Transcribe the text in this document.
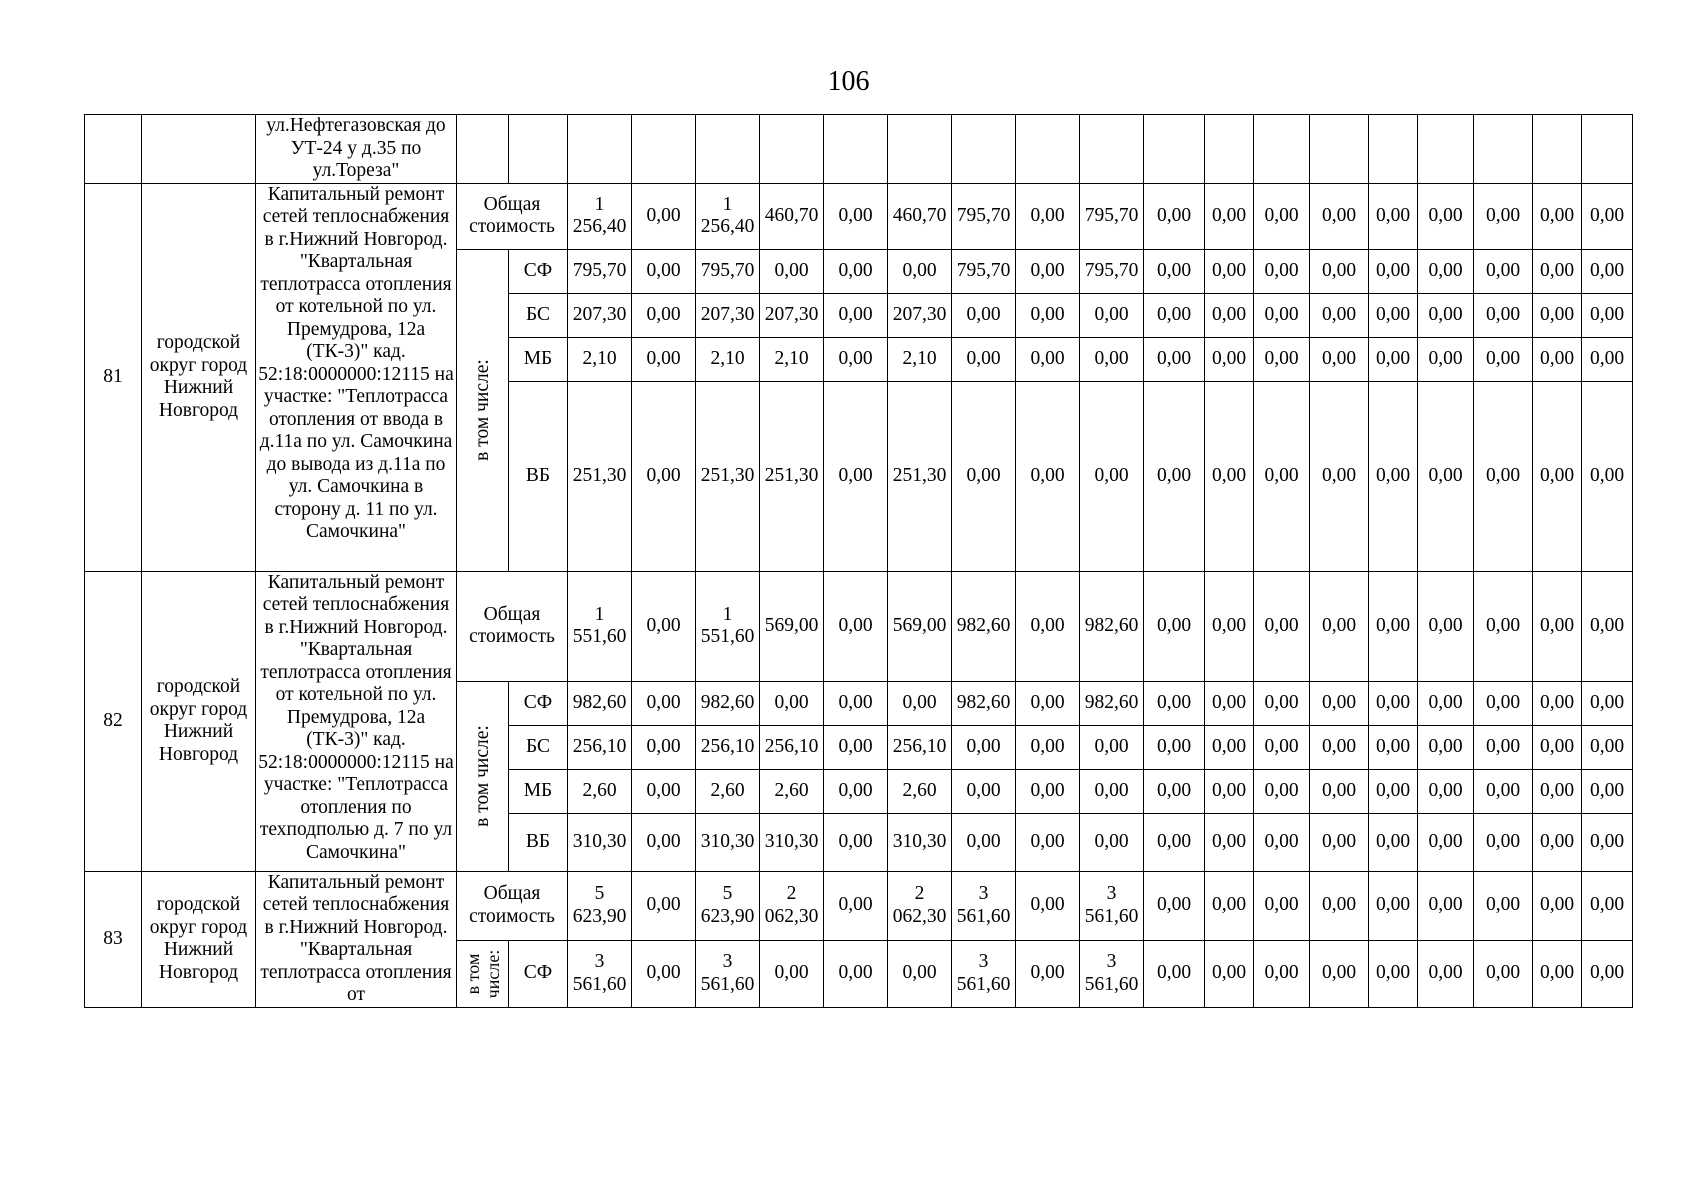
106
		ул.Нефтегазовская до УТ-24 у д.35 по ул.Тореза"																				
81	городской округ город Нижний Новгород	Капитальный ремонт сетей теплоснабжения в г.Нижний Новгород. "Квартальная теплотрасса отопления от котельной по ул. Премудрова, 12а (ТК-3)" кад. 52:18:0000000:12115 на участке: "Теплотрасса отопления от ввода в д.11а по ул. Самочкина до вывода из д.11а по ул. Самочкина в сторону д. 11 по ул. Самочкина"	Общая стоимость		1 256,40	0,00	1 256,40	460,70	0,00	460,70	795,70	0,00	795,70	0,00	0,00	0,00	0,00	0,00	0,00	0,00	0,00	0,00

			в том числе:	СФ	795,70	0,00	795,70	0,00	0,00	0,00	795,70	0,00	795,70	0,00	0,00	0,00	0,00	0,00	0,00	0,00	0,00	0,00
				БС	207,30	0,00	207,30	207,30	0,00	207,30	0,00	0,00	0,00	0,00	0,00	0,00	0,00	0,00	0,00	0,00	0,00	0,00
				МБ	2,10	0,00	2,10	2,10	0,00	2,10	0,00	0,00	0,00	0,00	0,00	0,00	0,00	0,00	0,00	0,00	0,00	0,00
				ВБ	251,30	0,00	251,30	251,30	0,00	251,30	0,00	0,00	0,00	0,00	0,00	0,00	0,00	0,00	0,00	0,00	0,00	0,00
82	городской округ город Нижний Новгород	Капитальный ремонт сетей теплоснабжения в г.Нижний Новгород. "Квартальная теплотрасса отопления от котельной по ул. Премудрова, 12а (ТК-3)" кад. 52:18:0000000:12115 на участке: "Теплотрасса отопления по техподполью д. 7 по ул Самочкина"	Общая стоимость		1 551,60	0,00	1 551,60	569,00	0,00	569,00	982,60	0,00	982,60	0,00	0,00	0,00	0,00	0,00	0,00	0,00	0,00	0,00

			в том числе:	СФ	982,60	0,00	982,60	0,00	0,00	0,00	982,60	0,00	982,60	0,00	0,00	0,00	0,00	0,00	0,00	0,00	0,00	0,00
				БС	256,10	0,00	256,10	256,10	0,00	256,10	0,00	0,00	0,00	0,00	0,00	0,00	0,00	0,00	0,00	0,00	0,00	0,00
				МБ	2,60	0,00	2,60	2,60	0,00	2,60	0,00	0,00	0,00	0,00	0,00	0,00	0,00	0,00	0,00	0,00	0,00	0,00
				ВБ	310,30	0,00	310,30	310,30	0,00	310,30	0,00	0,00	0,00	0,00	0,00	0,00	0,00	0,00	0,00	0,00	0,00	0,00
83	городской округ город Нижний Новгород	Капитальный ремонт сетей теплоснабжения в г.Нижний Новгород. "Квартальная теплотрасса отопления от	Общая стоимость		5 623,90	0,00	5 623,90	2 062,30	0,00	2 062,30	3 561,60	0,00	3 561,60	0,00	0,00	0,00	0,00	0,00	0,00	0,00	0,00	0,00

			в том числе:	СФ	3 561,60	0,00	3 561,60	0,00	0,00	0,00	3 561,60	0,00	3 561,60	0,00	0,00	0,00	0,00	0,00	0,00	0,00	0,00	0,00
